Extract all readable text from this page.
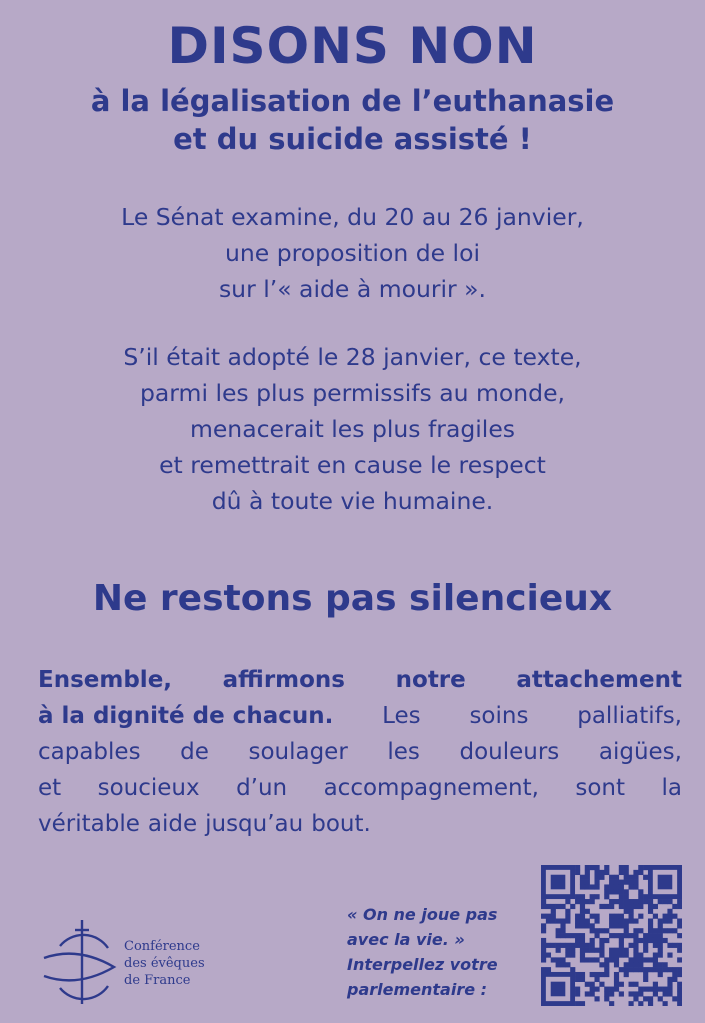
DISONS NON
à la légalisation de l’euthanasie
et du suicide assisté !
Le Sénat examine, du 20 au 26 janvier,
une proposition de loi
sur l’« aide à mourir ».
S’il était adopté le 28 janvier, ce texte,
parmi les plus permissifs au monde,
menacerait les plus fragiles
et remettrait en cause le respect
dû à toute vie humaine.
Ne restons pas silencieux
Ensemble, affirmons notre attachement
à la dignité de chacun. Les soins palliatifs,
capables de soulager les douleurs aigües,
et soucieux d’un accompagnement, sont la
véritable aide jusqu’au bout.
Conférence
des évêques
de France
« On ne joue pas
avec la vie. »
Interpellez votre
parlementaire :
